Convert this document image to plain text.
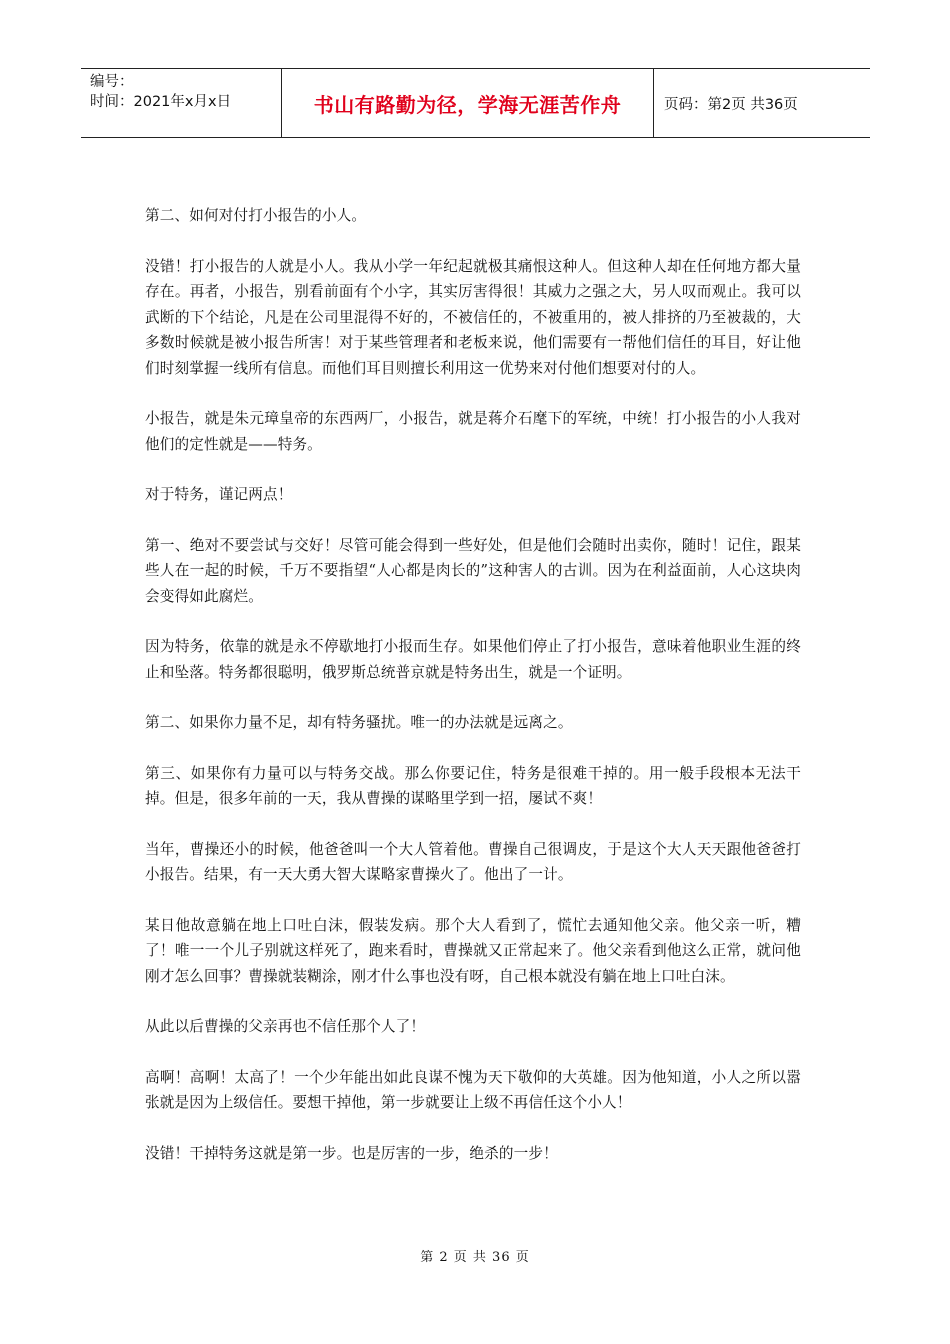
编号：
时间：2021年x月x日	书山有路勤为径，学海无涯苦作舟	页码：第2页 共36页

第二、如何对付打小报告的小人。

没错！打小报告的人就是小人。我从小学一年纪起就极其痛恨这种人。但这种人却在任何地方都大量存在。再者，小报告，别看前面有个小字，其实厉害得很！其威力之强之大，另人叹而观止。我可以武断的下个结论，凡是在公司里混得不好的，不被信任的，不被重用的，被人排挤的乃至被裁的，大多数时候就是被小报告所害！对于某些管理者和老板来说，他们需要有一帮他们信任的耳目，好让他们时刻掌握一线所有信息。而他们耳目则擅长利用这一优势来对付他们想要对付的人。

小报告，就是朱元璋皇帝的东西两厂，小报告，就是蒋介石麾下的军统，中统！打小报告的小人我对他们的定性就是——特务。

对于特务，谨记两点！

第一、绝对不要尝试与交好！尽管可能会得到一些好处，但是他们会随时出卖你，随时！记住，跟某些人在一起的时候，千万不要指望“人心都是肉长的”这种害人的古训。因为在利益面前，人心这块肉会变得如此腐烂。

因为特务，依靠的就是永不停歇地打小报而生存。如果他们停止了打小报告，意味着他职业生涯的终止和坠落。特务都很聪明，俄罗斯总统普京就是特务出生，就是一个证明。

第二、如果你力量不足，却有特务骚扰。唯一的办法就是远离之。

第三、如果你有力量可以与特务交战。那么你要记住，特务是很难干掉的。用一般手段根本无法干掉。但是，很多年前的一天，我从曹操的谋略里学到一招，屡试不爽！

当年，曹操还小的时候，他爸爸叫一个大人管着他。曹操自己很调皮，于是这个大人天天跟他爸爸打小报告。结果，有一天大勇大智大谋略家曹操火了。他出了一计。

某日他故意躺在地上口吐白沫，假装发病。那个大人看到了，慌忙去通知他父亲。他父亲一听，糟了！唯一一个儿子别就这样死了，跑来看时，曹操就又正常起来了。他父亲看到他这么正常，就问他刚才怎么回事？曹操就装糊涂，刚才什么事也没有呀，自己根本就没有躺在地上口吐白沫。

从此以后曹操的父亲再也不信任那个人了！

高啊！高啊！太高了！一个少年能出如此良谋不愧为天下敬仰的大英雄。因为他知道，小人之所以嚣张就是因为上级信任。要想干掉他，第一步就要让上级不再信任这个小人！

没错！干掉特务这就是第一步。也是厉害的一步，绝杀的一步！

第 2 页 共 36 页
